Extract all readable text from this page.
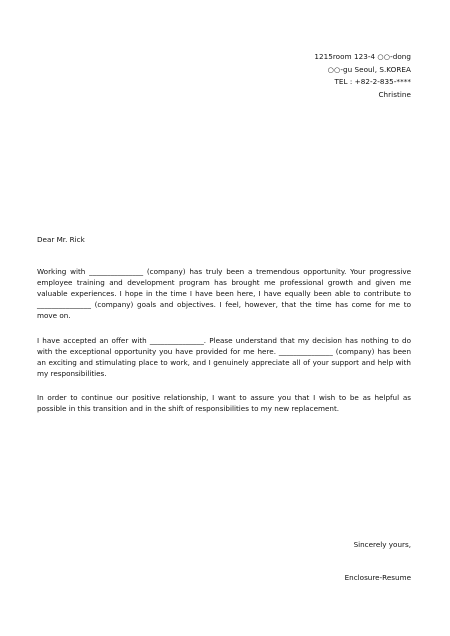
1215room 123-4 ○○-dong
○○-gu Seoul, S.KOREA
TEL : +82-2-835-****
Christine
Dear Mr. Rick
Working with _______________ (company) has truly been a tremendous opportunity. Your progressive employee training and development program has brought me professional growth and given me valuable experiences. I hope in the time I have been here, I have equally been able to contribute to _______________ (company) goals and objectives. I feel, however, that the time has come for me to move on.
I have accepted an offer with _______________. Please understand that my decision has nothing to do with the exceptional opportunity you have provided for me here. _______________ (company) has been an exciting and stimulating place to work, and I genuinely appreciate all of your support and help with my responsibilities.
In order to continue our positive relationship, I want to assure you that I wish to be as helpful as possible in this transition and in the shift of responsibilities to my new replacement.
Sincerely yours,
Enclosure-Resume
